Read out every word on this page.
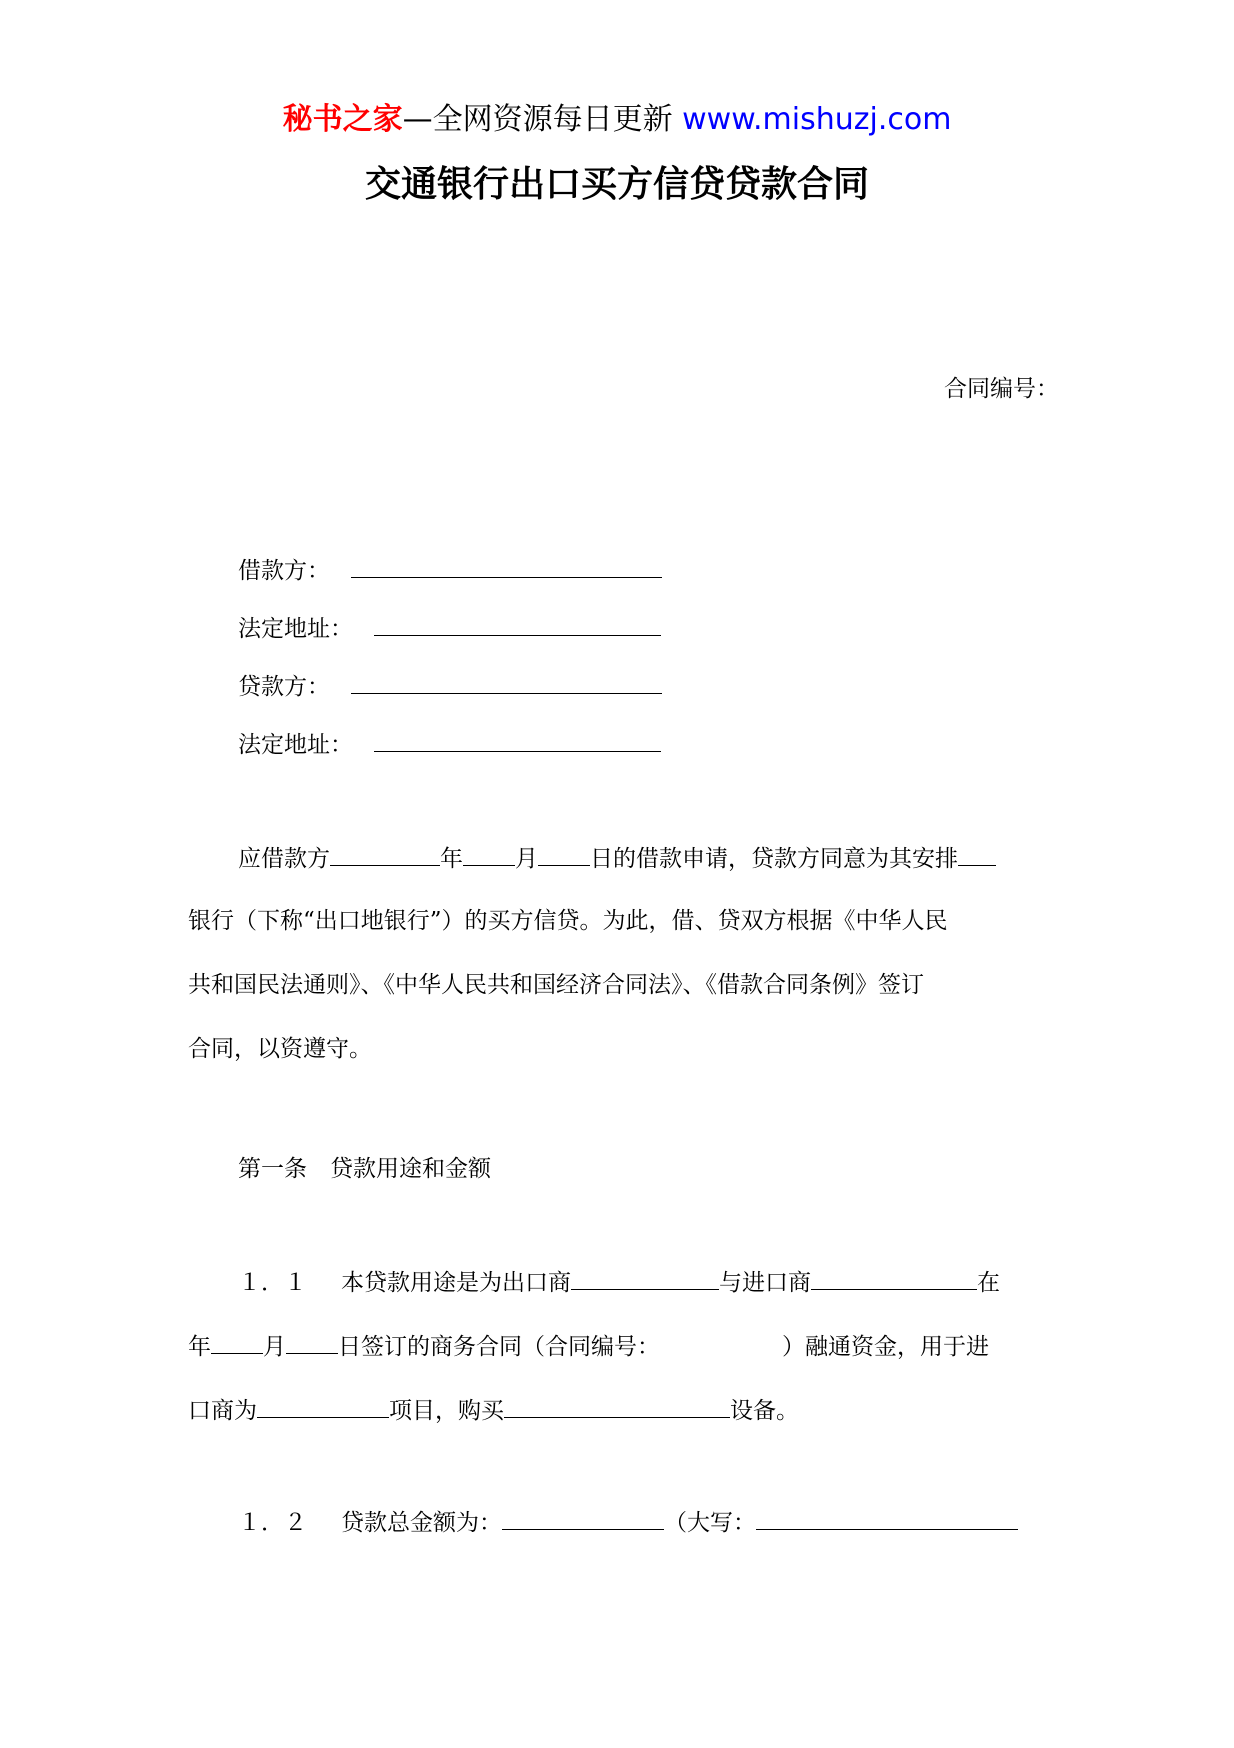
秘书之家—全网资源每日更新 www.mishuzj.com
交通银行出口买方信贷贷款合同
合同编号：
借款方：
法定地址：
贷款方：
法定地址：
应借款方	年 月 日的借款申请，贷款方同意为其安排
银行（下称“出口地银行”）的买方信贷。为此，借、贷双方根据《中华人民
共和国民法通则》、《中华人民共和国经济合同法》、《借款合同条例》签订
合同，以资遵守。
第一条　贷款用途和金额
１．１ 本贷款用途是为出口商	与进口商	在
年 月 日签订的商务合同（合同编号：	）融通资金，用于进
口商为	项目，购买	设备。
１．２ 贷款总金额为：	（大写：
